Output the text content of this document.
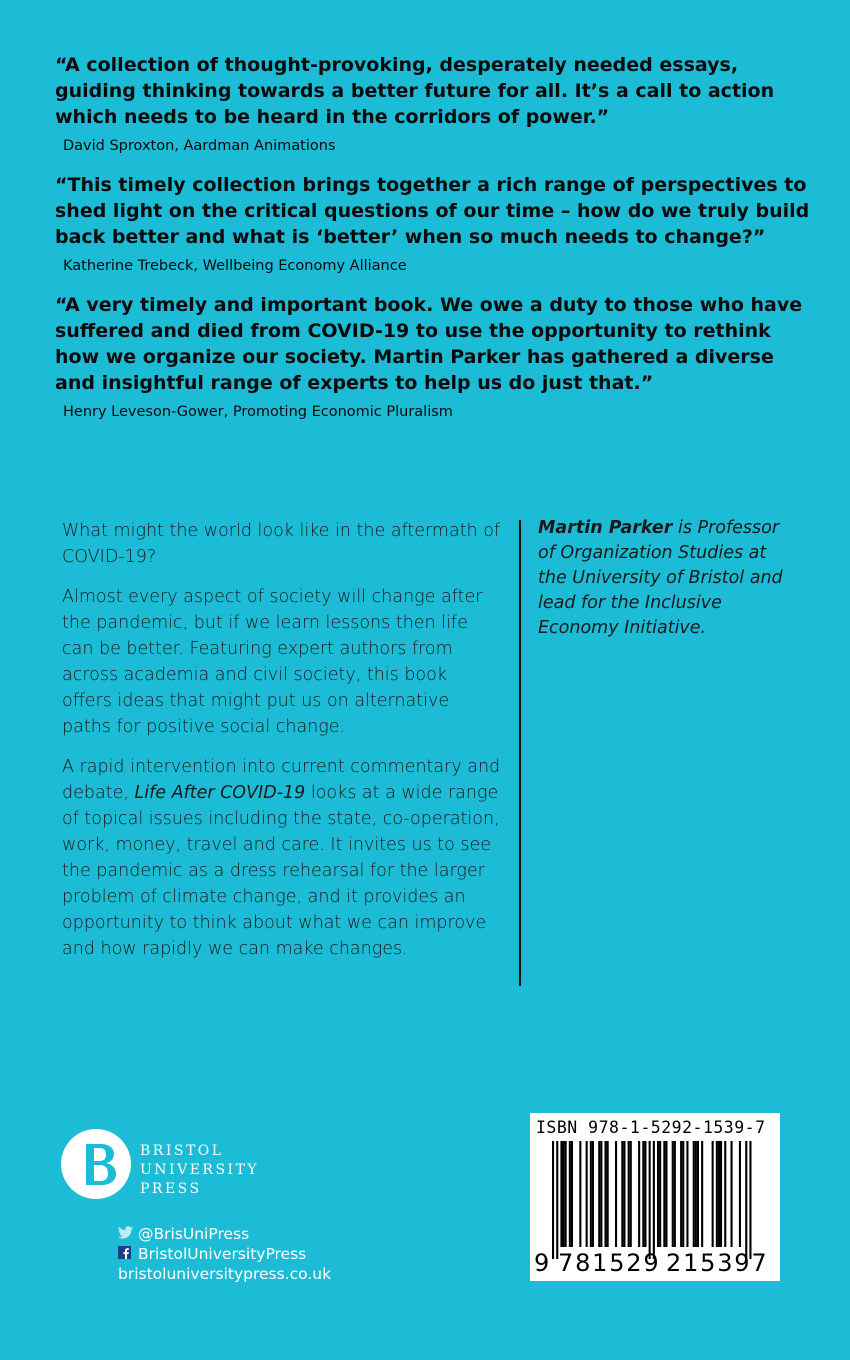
“A collection of thought-provoking, desperately needed essays, guiding thinking towards a better future for all. It’s a call to action which needs to be heard in the corridors of power.”

David Sproxton, Aardman Animations

“This timely collection brings together a rich range of perspectives to shed light on the critical questions of our time – how do we truly build back better and what is ‘better’ when so much needs to change?”

Katherine Trebeck, Wellbeing Economy Alliance

“A very timely and important book. We owe a duty to those who have suffered and died from COVID-19 to use the opportunity to rethink how we organize our society. Martin Parker has gathered a diverse and insightful range of experts to help us do just that.”

Henry Leveson-Gower, Promoting Economic Pluralism

What might the world look like in the aftermath of COVID-19?

Almost every aspect of society will change after the pandemic, but if we learn lessons then life can be better. Featuring expert authors from across academia and civil society, this book offers ideas that might put us on alternative paths for positive social change.

A rapid intervention into current commentary and debate, Life After COVID-19 looks at a wide range of topical issues including the state, co-operation, work, money, travel and care. It invites us to see the pandemic as a dress rehearsal for the larger problem of climate change, and it provides an opportunity to think about what we can improve and how rapidly we can make changes.

Martin Parker is Professor of Organization Studies at the University of Bristol and lead for the Inclusive Economy Initiative.
BRISTOL
UNIVERSITY
PRESS
@BrisUniPress
BristolUniversityPress
bristoluniversitypress.co.uk
ISBN 978-1-5292-1539-7
9 781529 215397
